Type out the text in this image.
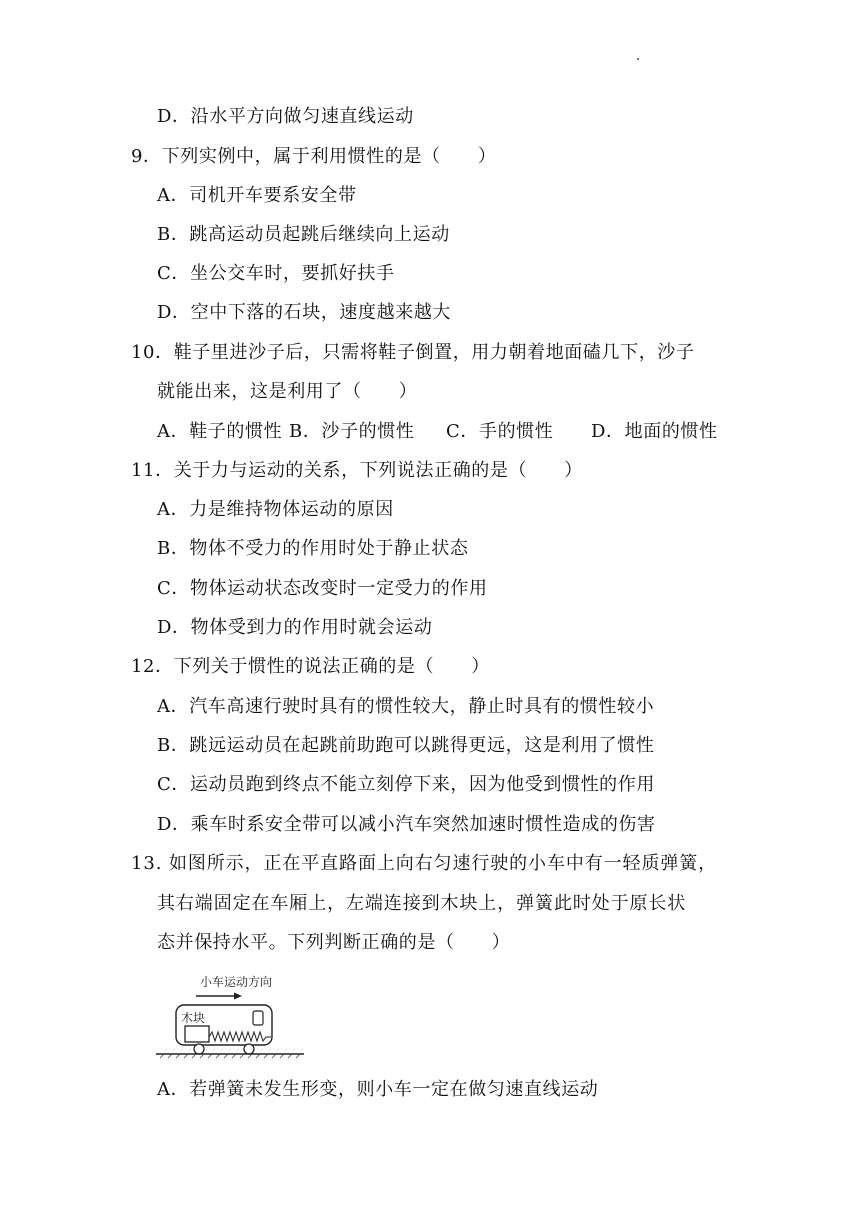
D．沿水平方向做匀速直线运动
9．下列实例中，属于利用惯性的是（　　）
A．司机开车要系安全带
B．跳高运动员起跳后继续向上运动
C．坐公交车时，要抓好扶手
D．空中下落的石块，速度越来越大
10．鞋子里进沙子后，只需将鞋子倒置，用力朝着地面磕几下，沙子
就能出来，这是利用了（　　）
A．鞋子的惯性 B．沙子的惯性 C．手的惯性 D．地面的惯性
11．关于力与运动的关系，下列说法正确的是（　　）
A．力是维持物体运动的原因
B．物体不受力的作用时处于静止状态
C．物体运动状态改变时一定受力的作用
D．物体受到力的作用时就会运动
12．下列关于惯性的说法正确的是（　　）
A．汽车高速行驶时具有的惯性较大，静止时具有的惯性较小
B．跳远运动员在起跳前助跑可以跳得更远，这是利用了惯性
C．运动员跑到终点不能立刻停下来，因为他受到惯性的作用
D．乘车时系安全带可以减小汽车突然加速时惯性造成的伤害
13. 如图所示，正在平直路面上向右匀速行驶的小车中有一轻质弹簧，
其右端固定在车厢上，左端连接到木块上，弹簧此时处于原长状
态并保持水平。下列判断正确的是（　　）
小车运动方向
木块
A．若弹簧未发生形变，则小车一定在做匀速直线运动
